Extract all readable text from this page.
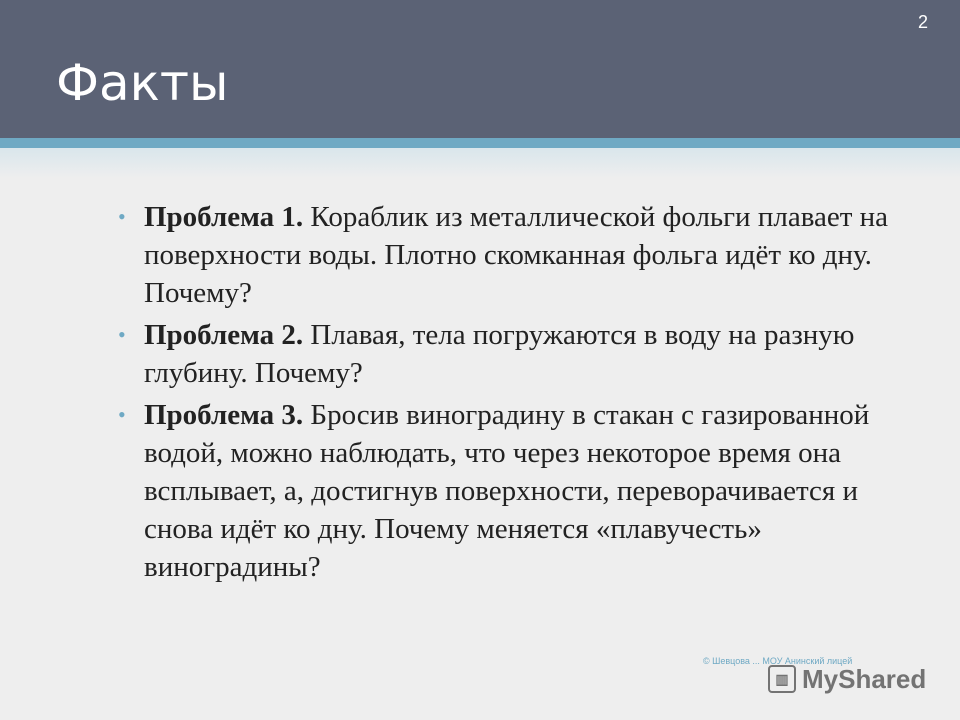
2
Факты
• Проблема 1. Кораблик из металлической фольги плавает на поверхности воды. Плотно скомканная фольга идёт ко дну. Почему?
• Проблема 2. Плавая, тела погружаются в воду на разную глубину. Почему?
• Проблема 3. Бросив виноградину в стакан с газированной водой, можно наблюдать, что через некоторое время она всплывает, а, достигнув поверхности, переворачивается и снова идёт ко дну. Почему меняется «плавучесть» виноградины?
© Шевцова ... МОУ Анинский лицей
▥ MyShared
